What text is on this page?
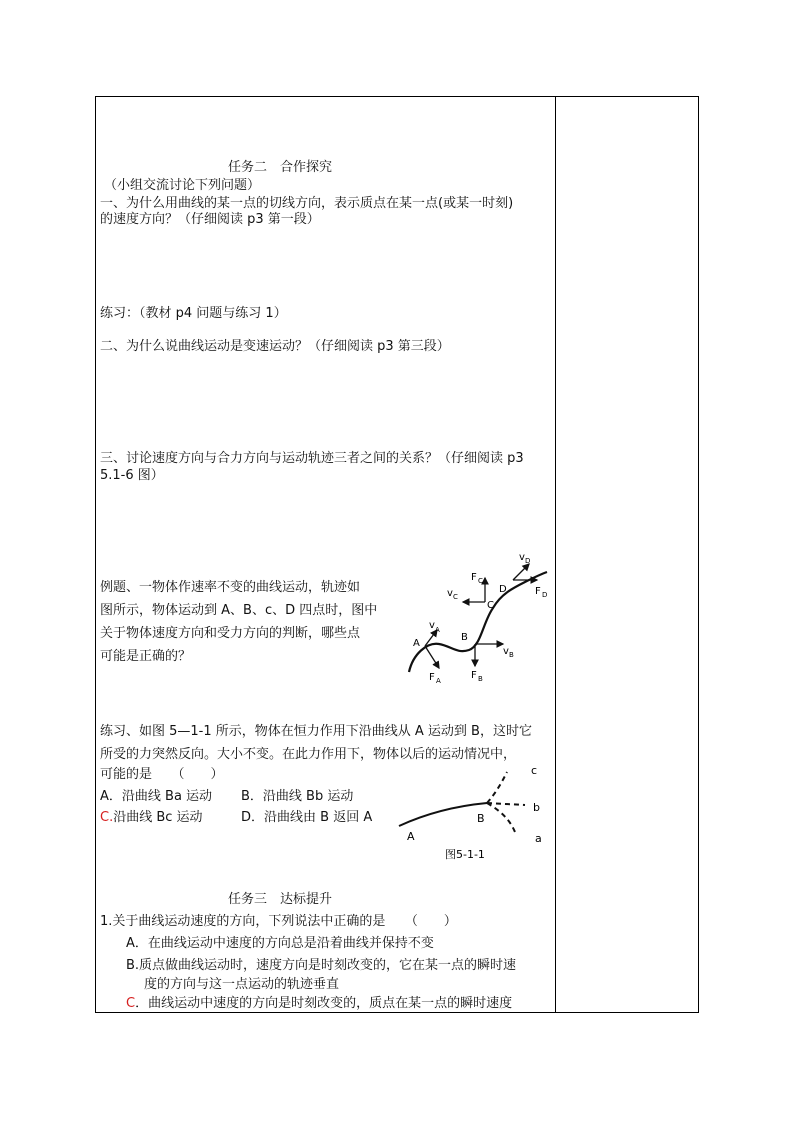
任务二　合作探究
（小组交流讨论下列问题）
一、为什么用曲线的某一点的切线方向，表示质点在某一点(或某一时刻)
的速度方向？（仔细阅读 p3 第一段）
练习：（教材 p4 问题与练习 1）
二、为什么说曲线运动是变速运动？（仔细阅读 p3 第三段）
三、讨论速度方向与合力方向与运动轨迹三者之间的关系？（仔细阅读 p3
5.1-6 图）
例题、一物体作速率不变的曲线运动，轨迹如
图所示，物体运动到 A、B、c、D 四点时，图中
关于物体速度方向和受力方向的判断，哪些点
可能是正确的？
A
v A
F A
B
v B
F B
C
F C
v C
D
v D
F D
练习、如图 5—1-1 所示，物体在恒力作用下沿曲线从 A 运动到 B，这时它
所受的力突然反向。大小不变。在此力作用下，物体以后的运动情况中，
可能的是　　（　　）
A．沿曲线 Ba 运动 B．沿曲线 Bb 运动
C.沿曲线 Bc 运动	D．沿曲线由 B 返回 A
A
B
c
b
a
图5-1-1
任务三　达标提升
1.关于曲线运动速度的方向，下列说法中正确的是　　（　　）
A．在曲线运动中速度的方向总是沿着曲线并保持不变
B.质点做曲线运动时，速度方向是时刻改变的，它在某一点的瞬时速
度的方向与这一点运动的轨迹垂直
C．曲线运动中速度的方向是时刻改变的，质点在某一点的瞬时速度
